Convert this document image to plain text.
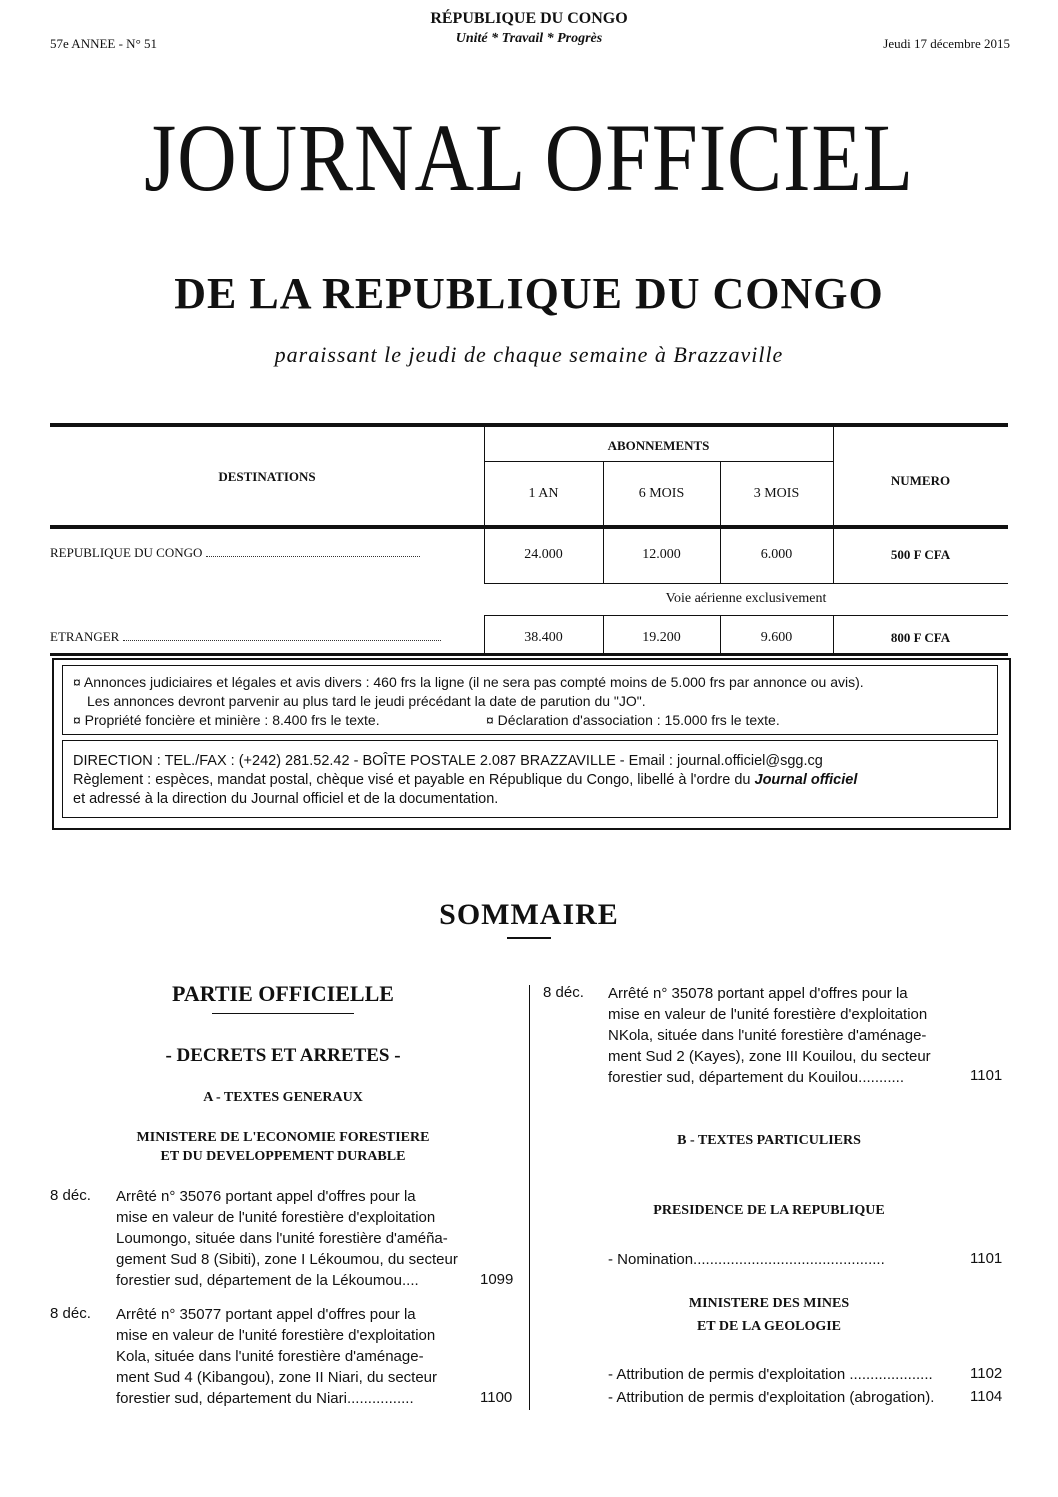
57e ANNEE - N° 51
RÉPUBLIQUE DU CONGO
Unité * Travail * Progrès	Jeudi 17 décembre 2015
JOURNAL OFFICIEL
DE LA REPUBLIQUE DU CONGO
paraissant le jeudi de chaque semaine à Brazzaville
DESTINATIONS
ABONNEMENTS
1 AN	6 MOIS	3 MOIS
NUMERO
REPUBLIQUE DU CONGO	24.000	12.000	6.000	500 F CFA
Voie aérienne exclusivement
ETRANGER	38.400	19.200	9.600	800 F CFA
¤ Annonces judiciaires et légales et avis divers : 460 frs la ligne (il ne sera pas compté moins de 5.000 frs par annonce ou avis).
Les annonces devront parvenir au plus tard le jeudi précédant la date de parution du "JO".
¤ Propriété foncière et minière : 8.400 frs le texte.	¤ Déclaration d'association : 15.000 frs le texte.
DIRECTION : TEL./FAX : (+242) 281.52.42 - BOÎTE POSTALE 2.087 BRAZZAVILLE - Email : journal.officiel@sgg.cg
Règlement : espèces, mandat postal, chèque visé et payable en République du Congo, libellé à l'ordre du Journal officiel
et adressé à la direction du Journal officiel et de la documentation.
SOMMAIRE
PARTIE OFFICIELLE
- DECRETS ET ARRETES -
A - TEXTES GENERAUX
MINISTERE DE L'ECONOMIE FORESTIERE
ET DU DEVELOPPEMENT DURABLE
8 déc. Arrêté n° 35076 portant appel d'offres pour la
mise en valeur de l'unité forestière d'exploitation
Loumongo, située dans l'unité forestière d'améña-
gement Sud 8 (Sibiti), zone I Lékoumou, du secteur
forestier sud, département de la Lékoumou....	1099
8 déc. Arrêté n° 35077 portant appel d'offres pour la
mise en valeur de l'unité forestière d'exploitation
Kola, située dans l'unité forestière d'aménage-
ment Sud 4 (Kibangou), zone II Niari, du secteur
forestier sud, département du Niari................	1100
8 déc. Arrêté n° 35078 portant appel d'offres pour la
mise en valeur de l'unité forestière d'exploitation
NKola, située dans l'unité forestière d'aménage-
ment Sud 2 (Kayes), zone III Kouilou, du secteur
forestier sud, département du Kouilou...........	1101
B - TEXTES PARTICULIERS
PRESIDENCE DE LA REPUBLIQUE
- Nomination..............................................	1101
MINISTERE DES MINES
ET DE LA GEOLOGIE
- Attribution de permis d'exploitation .................... 1102
- Attribution de permis d'exploitation (abrogation). 1104
